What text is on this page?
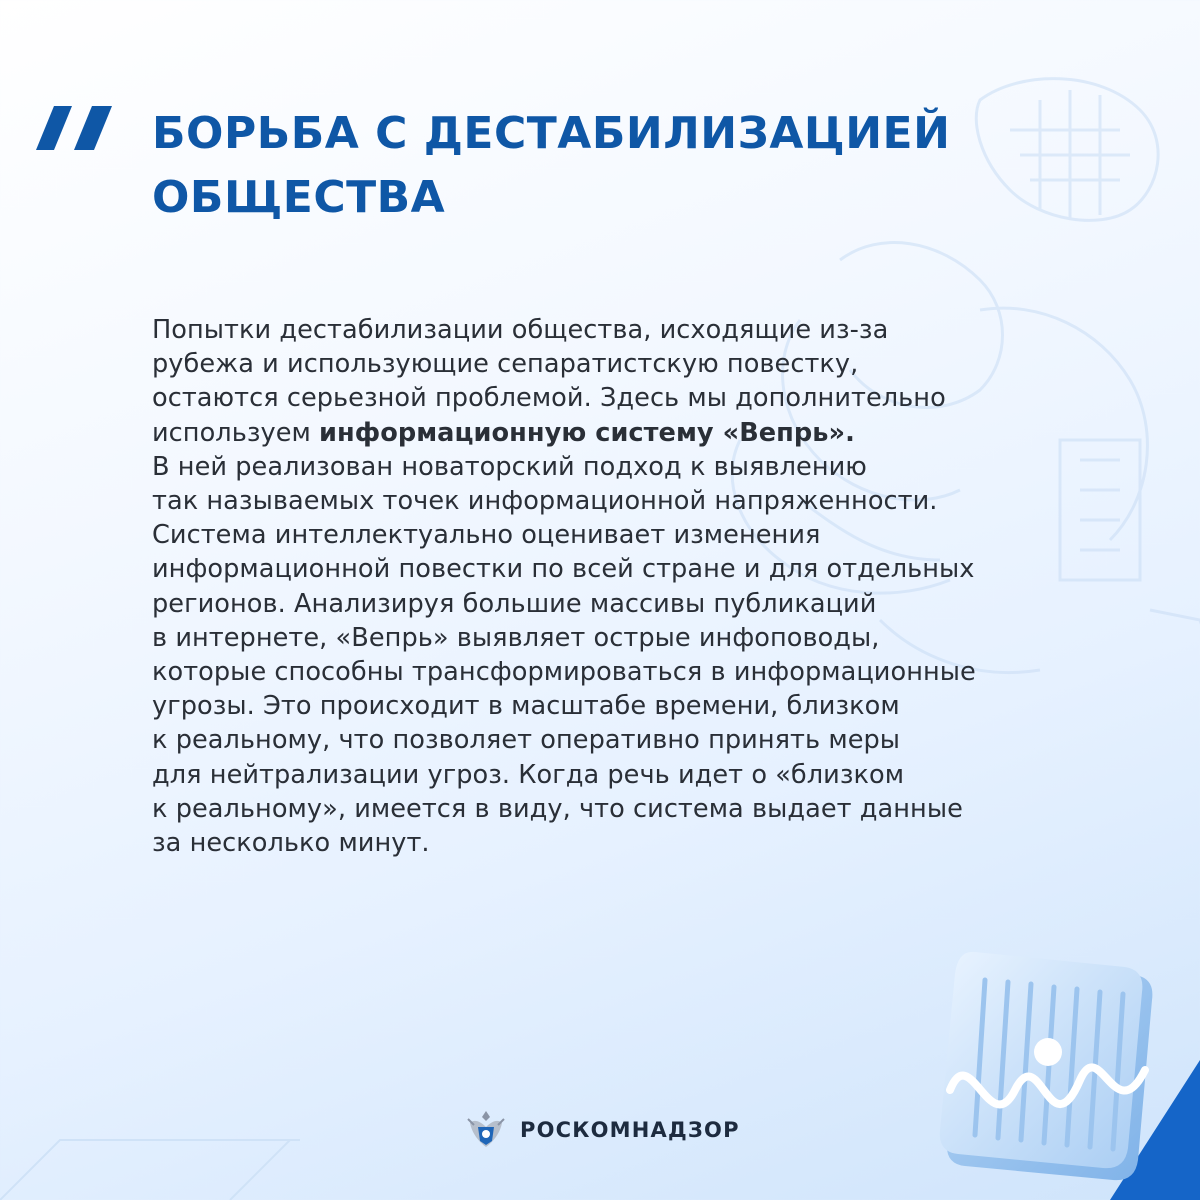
БОРЬБА С ДЕСТАБИЛИЗАЦИЕЙ
ОБЩЕСТВА
Попытки дестабилизации общества, исходящие из-за
рубежа и использующие сепаратистскую повестку,
остаются серьезной проблемой. Здесь мы дополнительно
используем информационную систему «Вепрь».
В ней реализован новаторский подход к выявлению
так называемых точек информационной напряженности.
Система интеллектуально оценивает изменения
информационной повестки по всей стране и для отдельных
регионов. Анализируя большие массивы публикаций
в интернете, «Вепрь» выявляет острые инфоповоды,
которые способны трансформироваться в информационные
угрозы. Это происходит в масштабе времени, близком
к реальному, что позволяет оперативно принять меры
для нейтрализации угроз. Когда речь идет о «близком
к реальному», имеется в виду, что система выдает данные
за несколько минут.
РОСКОМНАДЗОР
